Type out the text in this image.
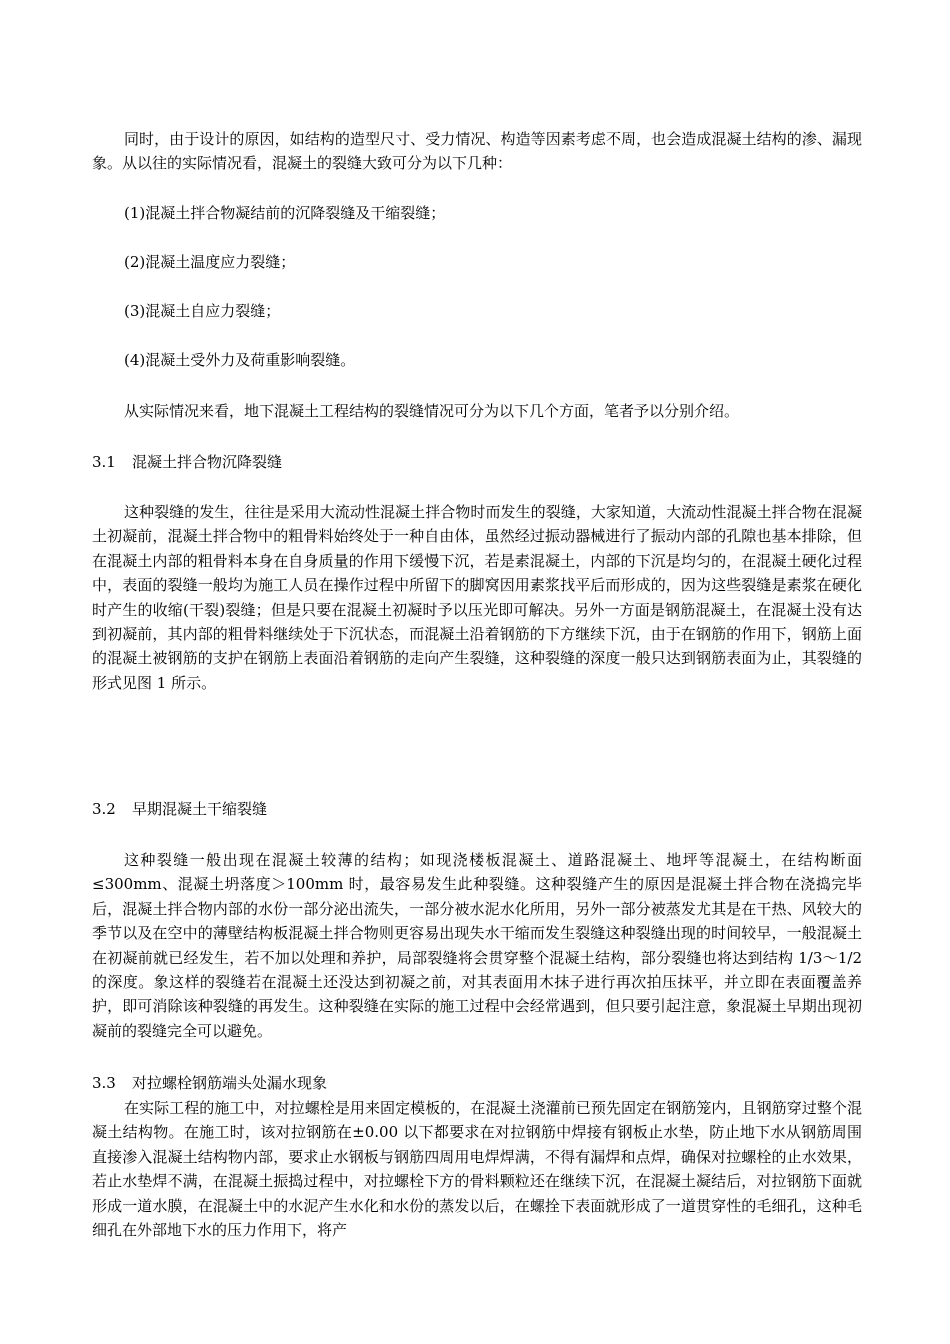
同时，由于设计的原因，如结构的造型尺寸、受力情况、构造等因素考虑不周，也会造成混凝土结构的渗、漏现象。从以往的实际情况看，混凝土的裂缝大致可分为以下几种：

(1)混凝土拌合物凝结前的沉降裂缝及干缩裂缝；

(2)混凝土温度应力裂缝；

(3)混凝土自应力裂缝；

(4)混凝土受外力及荷重影响裂缝。

从实际情况来看，地下混凝土工程结构的裂缝情况可分为以下几个方面，笔者予以分别介绍。

3.1 混凝土拌合物沉降裂缝

这种裂缝的发生，往往是采用大流动性混凝土拌合物时而发生的裂缝，大家知道，大流动性混凝土拌合物在混凝土初凝前，混凝土拌合物中的粗骨料始终处于一种自由体，虽然经过振动器械进行了振动内部的孔隙也基本排除，但在混凝土内部的粗骨料本身在自身质量的作用下缓慢下沉，若是素混凝土，内部的下沉是均匀的，在混凝土硬化过程中，表面的裂缝一般均为施工人员在操作过程中所留下的脚窝因用素浆找平后而形成的，因为这些裂缝是素浆在硬化时产生的收缩(干裂)裂缝；但是只要在混凝土初凝时予以压光即可解决。另外一方面是钢筋混凝土，在混凝土没有达到初凝前，其内部的粗骨料继续处于下沉状态，而混凝土沿着钢筋的下方继续下沉，由于在钢筋的作用下，钢筋上面的混凝土被钢筋的支护在钢筋上表面沿着钢筋的走向产生裂缝，这种裂缝的深度一般只达到钢筋表面为止，其裂缝的形式见图 1 所示。

3.2 早期混凝土干缩裂缝

这种裂缝一般出现在混凝土较薄的结构；如现浇楼板混凝土、道路混凝土、地坪等混凝土，在结构断面≤300mm、混凝土坍落度＞100mm 时，最容易发生此种裂缝。这种裂缝产生的原因是混凝土拌合物在浇捣完毕后，混凝土拌合物内部的水份一部分泌出流失，一部分被水泥水化所用，另外一部分被蒸发尤其是在干热、风较大的季节以及在空中的薄壁结构板混凝土拌合物则更容易出现失水干缩而发生裂缝这种裂缝出现的时间较早，一般混凝土在初凝前就已经发生，若不加以处理和养护，局部裂缝将会贯穿整个混凝土结构，部分裂缝也将达到结构 1/3～1/2 的深度。象这样的裂缝若在混凝土还没达到初凝之前，对其表面用木抹子进行再次拍压抹平，并立即在表面覆盖养护，即可消除该种裂缝的再发生。这种裂缝在实际的施工过程中会经常遇到，但只要引起注意，象混凝土早期出现初凝前的裂缝完全可以避免。

3.3 对拉螺栓钢筋端头处漏水现象

在实际工程的施工中，对拉螺栓是用来固定模板的，在混凝土浇灌前已预先固定在钢筋笼内，且钢筋穿过整个混凝土结构物。在施工时，该对拉钢筋在±0.00 以下都要求在对拉钢筋中焊接有钢板止水垫，防止地下水从钢筋周围直接渗入混凝土结构物内部，要求止水钢板与钢筋四周用电焊焊满，不得有漏焊和点焊，确保对拉螺栓的止水效果，若止水垫焊不满，在混凝土振捣过程中，对拉螺栓下方的骨料颗粒还在继续下沉，在混凝土凝结后，对拉钢筋下面就形成一道水膜，在混凝土中的水泥产生水化和水份的蒸发以后，在螺拴下表面就形成了一道贯穿性的毛细孔，这种毛细孔在外部地下水的压力作用下，将产
